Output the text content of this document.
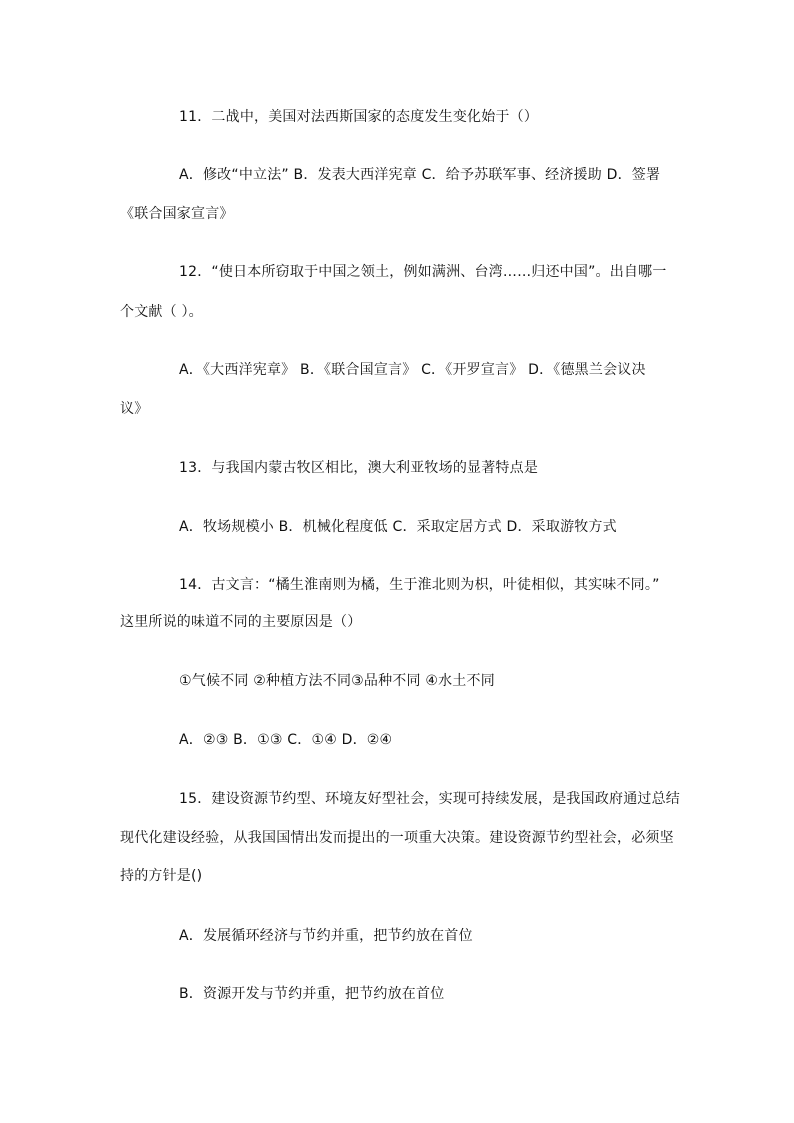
11．二战中，美国对法西斯国家的态度发生变化始于（）
A．修改“中立法” B．发表大西洋宪章 C．给予苏联军事、经济援助 D．签署
《联合国家宣言》
12．“使日本所窃取于中国之领土，例如满洲、台湾……归还中国”。出自哪一
个文献（ ）。
A．《大西洋宪章》 B．《联合国宣言》 C．《开罗宣言》 D．《德黑兰会议决
议》
13．与我国内蒙古牧区相比，澳大利亚牧场的显著特点是
A．牧场规模小 B．机械化程度低 C．采取定居方式 D．采取游牧方式
14．古文言：“橘生淮南则为橘，生于淮北则为枳，叶徒相似，其实味不同。”
这里所说的味道不同的主要原因是（）
①气候不同 ②种植方法不同③品种不同 ④水土不同
A．②③ B．①③ C．①④ D．②④
15．建设资源节约型、环境友好型社会，实现可持续发展，是我国政府通过总结
现代化建设经验，从我国国情出发而提出的一项重大决策。建设资源节约型社会，必须坚
持的方针是()
A．发展循环经济与节约并重，把节约放在首位
B．资源开发与节约并重，把节约放在首位
